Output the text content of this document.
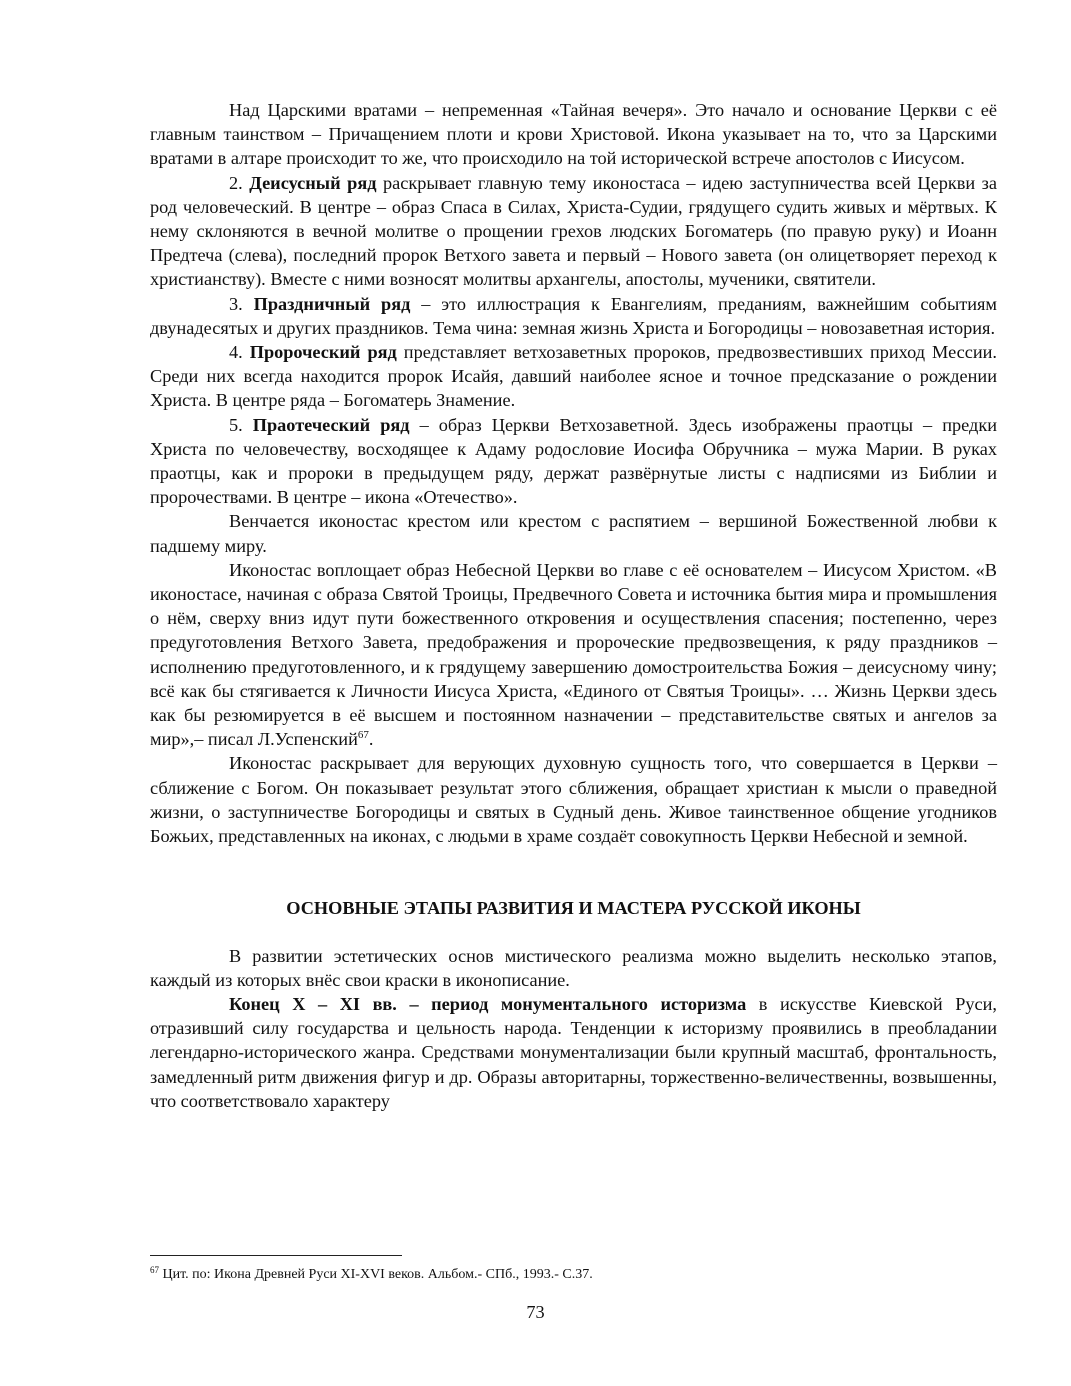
Над Царскими вратами – непременная «Тайная вечеря». Это начало и основание Церкви с её главным таинством – Причащением плоти и крови Христовой. Икона указывает на то, что за Царскими вратами в алтаре происходит то же, что происходило на той исторической встрече апостолов с Иисусом.

2. Деисусный ряд раскрывает главную тему иконостаса – идею заступничества всей Церкви за род человеческий. В центре – образ Спаса в Силах, Христа-Судии, грядущего судить живых и мёртвых. К нему склоняются в вечной молитве о прощении грехов людских Богоматерь (по правую руку) и Иоанн Предтеча (слева), последний пророк Ветхого завета и первый – Нового завета (он олицетворяет переход к христианству). Вместе с ними возносят молитвы архангелы, апостолы, мученики, святители.

3. Праздничный ряд – это иллюстрация к Евангелиям, преданиям, важнейшим событиям двунадесятых и других праздников. Тема чина: земная жизнь Христа и Богородицы – новозаветная история.

4. Пророческий ряд представляет ветхозаветных пророков, предвозвестивших приход Мессии. Среди них всегда находится пророк Исайя, давший наиболее ясное и точное предсказание о рождении Христа. В центре ряда – Богоматерь Знамение.

5. Праотеческий ряд – образ Церкви Ветхозаветной. Здесь изображены праотцы – предки Христа по человечеству, восходящее к Адаму родословие Иосифа Обручника – мужа Марии. В руках праотцы, как и пророки в предыдущем ряду, держат развёрнутые листы с надписями из Библии и пророчествами. В центре – икона «Отечество».

Венчается иконостас крестом или крестом с распятием – вершиной Божественной любви к падшему миру.

Иконостас воплощает образ Небесной Церкви во главе с её основателем – Иисусом Христом. «В иконостасе, начиная с образа Святой Троицы, Предвечного Совета и источника бытия мира и промышления о нём, сверху вниз идут пути божественного откровения и осуществления спасения; постепенно, через предуготовления Ветхого Завета, предображения и пророческие предвозвещения, к ряду праздников – исполнению предуготовленного, и к грядущему завершению домостроительства Божия – деисусному чину; всё как бы стягивается к Личности Иисуса Христа, «Единого от Святыя Троицы». … Жизнь Церкви здесь как бы резюмируется в её высшем и постоянном назначении – представительстве святых и ангелов за мир»,– писал Л.Успенский$^{67}$.

Иконостас раскрывает для верующих духовную сущность того, что совершается в Церкви – сближение с Богом. Он показывает результат этого сближения, обращает христиан к мысли о праведной жизни, о заступничестве Богородицы и святых в Судный день. Живое таинственное общение угодников Божьих, представленных на иконах, с людьми в храме создаёт совокупность Церкви Небесной и земной.

ОСНОВНЫЕ ЭТАПЫ РАЗВИТИЯ И МАСТЕРА РУССКОЙ ИКОНЫ

В развитии эстетических основ мистического реализма можно выделить несколько этапов, каждый из которых внёс свои краски в иконописание.

Конец Х – XI вв. – период монументального историзма в искусстве Киевской Руси, отразивший силу государства и цельность народа. Тенденции к историзму проявились в преобладании легендарно-исторического жанра. Средствами монументализации были крупный масштаб, фронтальность, замедленный ритм движения фигур и др. Образы авторитарны, торжественно-величественны, возвышенны, что соответствовало характеру

$^{67}$ Цит. по: Икона Древней Руси XI-XVI веков. Альбом.- СПб., 1993.- С.37.
73
